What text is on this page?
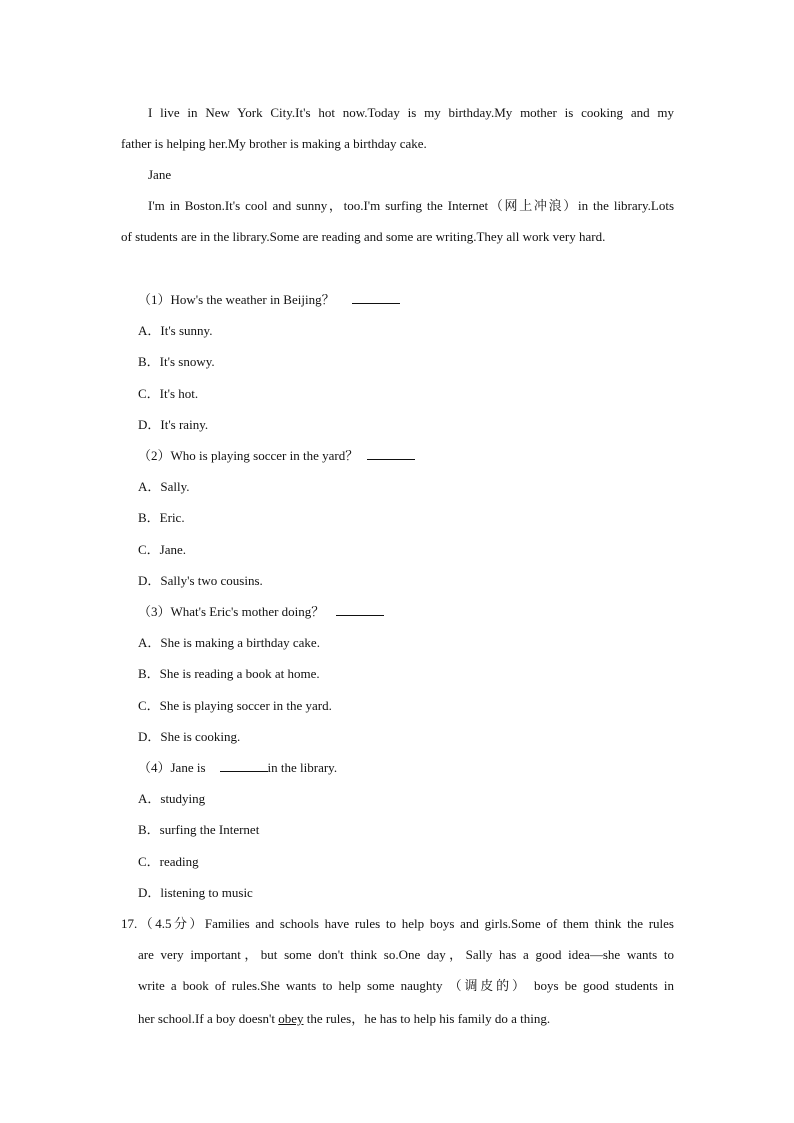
I live in New York City.It's hot now.Today is my birthday.My mother is cooking and my
father is helping her.My brother is making a birthday cake.
Jane
I'm in Boston.It's cool and sunny，too.I'm surfing the Internet（网上冲浪）in the library.Lots
of students are in the library.Some are reading and some are writing.They all work very hard.
（1）How's the weather in Beijing？
A．It's sunny.
B．It's snowy.
C．It's hot.
D．It's rainy.
（2）Who is playing soccer in the yard？
A．Sally.
B．Eric.
C．Jane.
D．Sally's two cousins.
（3）What's Eric's mother doing？
A．She is making a birthday cake.
B．She is reading a book at home.
C．She is playing soccer in the yard.
D．She is cooking.
（4）Jane is	in the library.
A．studying
B．surfing the Internet
C．reading
D．listening to music
17.（4.5分）Families and schools have rules to help boys and girls.Some of them think the rules
are very important，but some don't think so.One day，Sally has a good idea—she wants to
write a book of rules.She wants to help some naughty （调皮的） boys be good students in
her school.If a boy doesn't obey the rules，he has to help his family do a thing.
